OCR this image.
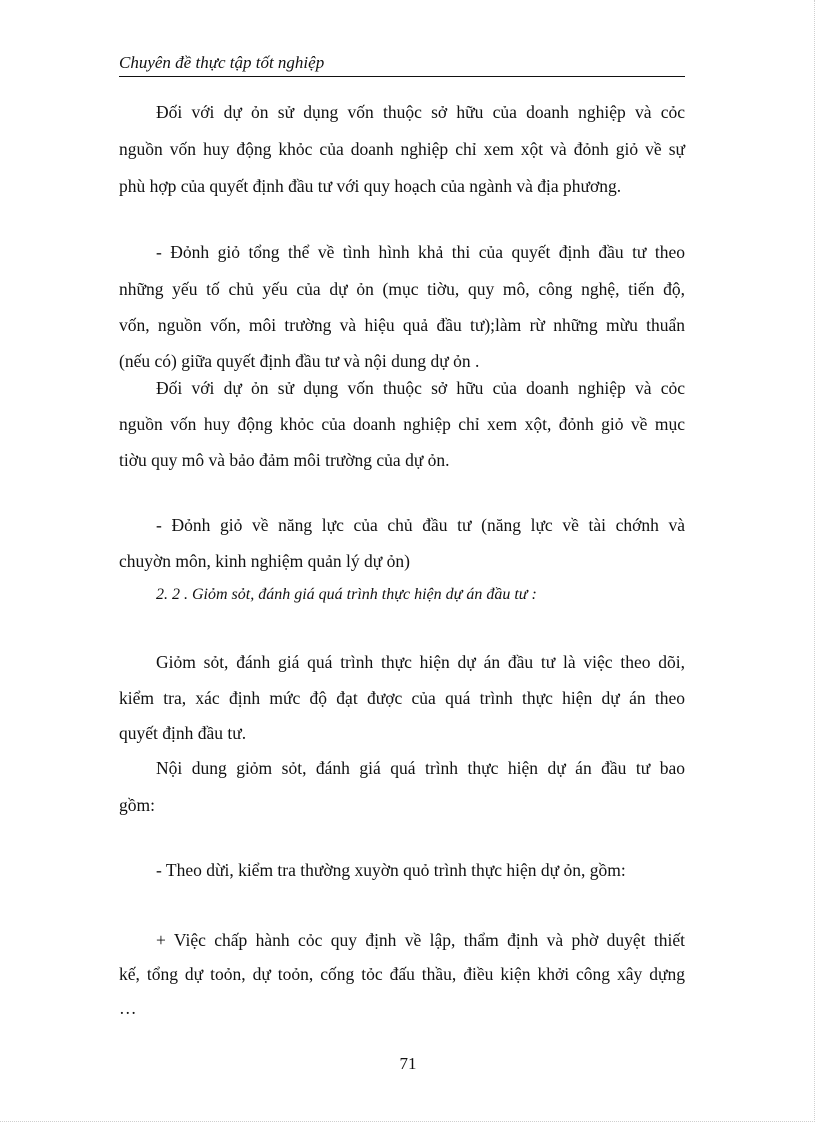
Chuyên đề thực tập tốt nghiệp
Đối với dự ỏn sử dụng vốn thuộc sở hữu của doanh nghiệp và cỏc
nguồn vốn huy động khỏc của doanh nghiệp chỉ xem xột và đỏnh giỏ về sự
phù hợp của quyết định đầu tư với quy hoạch của ngành và địa phương.
- Đỏnh giỏ tổng thể về tình hình khả thi của quyết định đầu tư theo
những yếu tố chủ yếu của dự ỏn (mục tiờu, quy mô, công nghệ, tiến độ,
vốn, nguồn vốn, môi trường và hiệu quả đầu tư);làm rừ những mừu thuẩn
(nếu có) giữa quyết định đầu tư và nội dung dự ỏn .
Đối với dự ỏn sử dụng vốn thuộc sở hữu của doanh nghiệp và cỏc
nguồn vốn huy động khỏc của doanh nghiệp chỉ xem xột, đỏnh giỏ về mục
tiờu quy mô và bảo đảm môi trường của dự ỏn.
- Đỏnh giỏ về năng lực của chủ đầu tư (năng lực về tài chớnh và
chuyờn môn, kinh nghiệm quản lý dự ỏn)
2. 2 . Giỏm sỏt, đánh giá quá trình thực hiện dự án đầu tư :
Giỏm sỏt, đánh giá quá trình thực hiện dự án đầu tư là việc theo dõi,
kiểm tra, xác định mức độ đạt được của quá trình thực hiện dự án theo
quyết định đầu tư.
Nội dung giỏm sỏt, đánh giá quá trình thực hiện dự án đầu tư bao
gồm:
- Theo dừi, kiểm tra thường xuyờn quỏ trình thực hiện dự ỏn, gồm:
+ Việc chấp hành cỏc quy định về lập, thẩm định và phờ duyệt thiết
kế, tổng dự toỏn, dự toỏn, cống tỏc đấu thầu, điều kiện khởi công xây dựng
…
71
